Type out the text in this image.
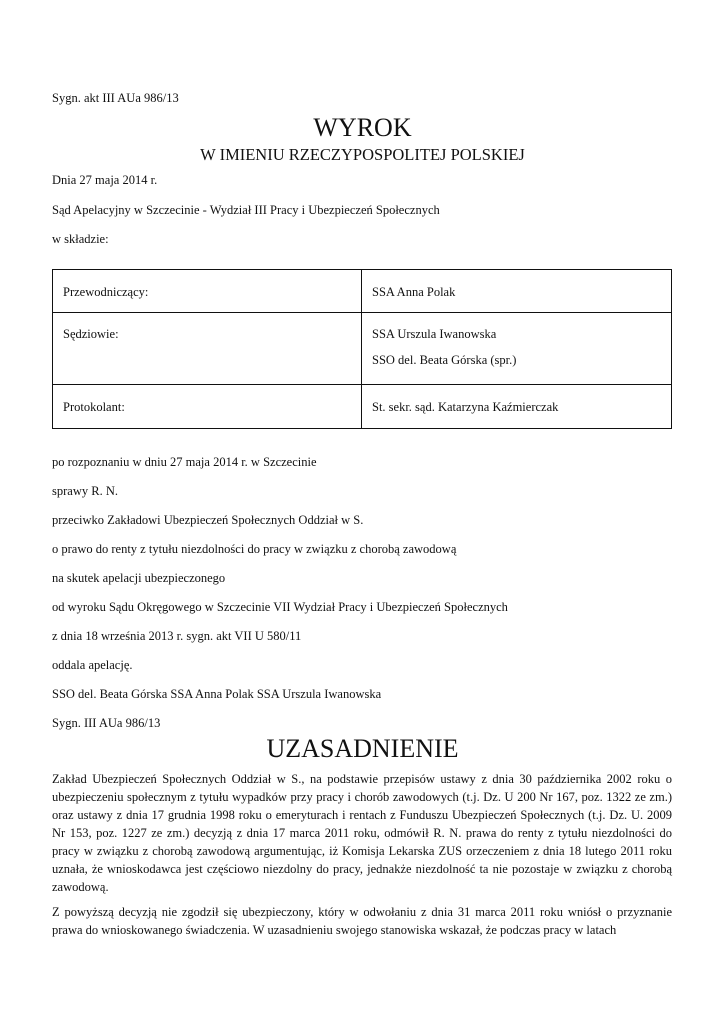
Sygn. akt III AUa 986/13
WYROK
W IMIENIU RZECZYPOSPOLITEJ POLSKIEJ
Dnia 27 maja 2014 r.
Sąd Apelacyjny w Szczecinie - Wydział III Pracy i Ubezpieczeń Społecznych
w składzie:
Przewodniczący:	SSA Anna Polak

Sędziowie:	SSA Urszula Iwanowska
SSO del. Beata Górska (spr.)

Protokolant:	St. sekr. sąd. Katarzyna Kaźmierczak
po rozpoznaniu w dniu 27 maja 2014 r. w Szczecinie
sprawy R. N.
przeciwko Zakładowi Ubezpieczeń Społecznych Oddział w S.
o prawo do renty z tytułu niezdolności do pracy w związku z chorobą zawodową
na skutek apelacji ubezpieczonego
od wyroku Sądu Okręgowego w Szczecinie VII Wydział Pracy i Ubezpieczeń Społecznych
z dnia 18 września 2013 r. sygn. akt VII U 580/11
oddala apelację.
SSO del. Beata Górska SSA Anna Polak SSA Urszula Iwanowska
Sygn. III AUa 986/13
UZASADNIENIE
Zakład Ubezpieczeń Społecznych Oddział w S., na podstawie przepisów ustawy z dnia 30 października 2002 roku o ubezpieczeniu społecznym z tytułu wypadków przy pracy i chorób zawodowych (t.j. Dz. U 200 Nr 167, poz. 1322 ze zm.) oraz ustawy z dnia 17 grudnia 1998 roku o emeryturach i rentach z Funduszu Ubezpieczeń Społecznych (t.j. Dz. U. 2009 Nr 153, poz. 1227 ze zm.) decyzją z dnia 17 marca 2011 roku, odmówił R. N. prawa do renty z tytułu niezdolności do pracy w związku z chorobą zawodową argumentując, iż Komisja Lekarska ZUS orzeczeniem z dnia 18 lutego 2011 roku uznała, że wnioskodawca jest częściowo niezdolny do pracy, jednakże niezdolność ta nie pozostaje w związku z chorobą zawodową.
Z powyższą decyzją nie zgodził się ubezpieczony, który w odwołaniu z dnia 31 marca 2011 roku wniósł o przyznanie prawa do wnioskowanego świadczenia. W uzasadnieniu swojego stanowiska wskazał, że podczas pracy w latach
